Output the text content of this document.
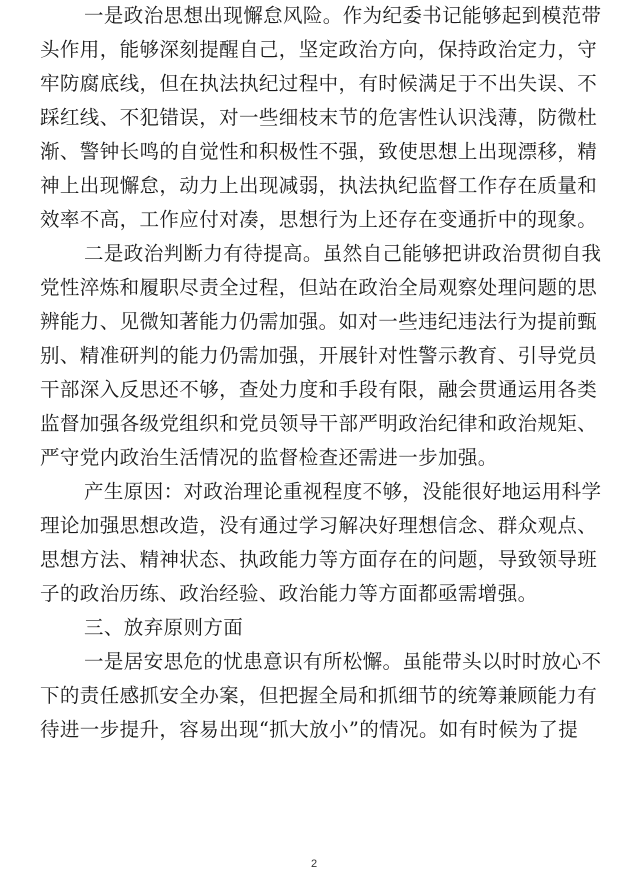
一是政治思想出现懈怠风险。作为纪委书记能够起到模范带
头作用，能够深刻提醒自己，坚定政治方向，保持政治定力，守
牢防腐底线，但在执法执纪过程中，有时候满足于不出失误、不
踩红线、不犯错误，对一些细枝末节的危害性认识浅薄，防微杜
渐、警钟长鸣的自觉性和积极性不强，致使思想上出现漂移，精
神上出现懈怠，动力上出现减弱，执法执纪监督工作存在质量和
效率不高，工作应付对凑，思想行为上还存在变通折中的现象。
二是政治判断力有待提高。虽然自己能够把讲政治贯彻自我
党性淬炼和履职尽责全过程，但站在政治全局观察处理问题的思
辨能力、见微知著能力仍需加强。如对一些违纪违法行为提前甄
别、精准研判的能力仍需加强，开展针对性警示教育、引导党员
干部深入反思还不够，查处力度和手段有限，融会贯通运用各类
监督加强各级党组织和党员领导干部严明政治纪律和政治规矩、
严守党内政治生活情况的监督检查还需进一步加强。
产生原因：对政治理论重视程度不够，没能很好地运用科学
理论加强思想改造，没有通过学习解决好理想信念、群众观点、
思想方法、精神状态、执政能力等方面存在的问题，导致领导班
子的政治历练、政治经验、政治能力等方面都亟需增强。
三、放弃原则方面
一是居安思危的忧患意识有所松懈。虽能带头以时时放心不
下的责任感抓安全办案，但把握全局和抓细节的统筹兼顾能力有
待进一步提升，容易出现“抓大放小”的情况。如有时候为了提
2
